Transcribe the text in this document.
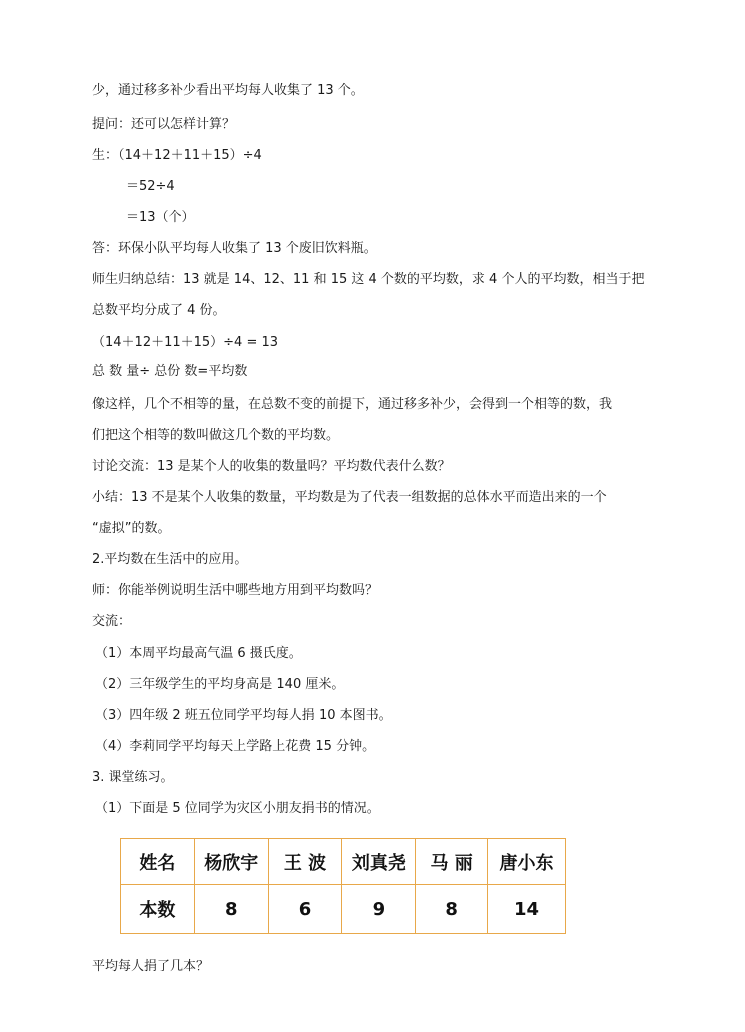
少，通过移多补少看出平均每人收集了 13 个。
提问：还可以怎样计算？
生：（14＋12＋11＋15）÷4
＝52÷4
＝13（个）
答：环保小队平均每人收集了 13 个废旧饮料瓶。
师生归纳总结：13 就是 14、12、11 和 15 这 4 个数的平均数，求 4 个人的平均数，相当于把
总数平均分成了 4 份。
（14＋12＋11＋15）÷4 = 13
总 数 量÷ 总份 数=平均数
像这样，几个不相等的量，在总数不变的前提下，通过移多补少，会得到一个相等的数，我
们把这个相等的数叫做这几个数的平均数。
讨论交流：13 是某个人的收集的数量吗？平均数代表什么数？
小结：13 不是某个人收集的数量，平均数是为了代表一组数据的总体水平而造出来的一个
“虚拟”的数。
2.平均数在生活中的应用。
师：你能举例说明生活中哪些地方用到平均数吗？
交流：
（1）本周平均最高气温 6 摄氏度。
（2）三年级学生的平均身高是 140 厘米。
（3）四年级 2 班五位同学平均每人捐 10 本图书。
（4）李莉同学平均每天上学路上花费 15 分钟。
3. 课堂练习。
（1）下面是 5 位同学为灾区小朋友捐书的情况。
姓名	杨欣宇	王 波	刘真尧	马 丽	唐小东
本数	8	6	9	8	14
平均每人捐了几本？
